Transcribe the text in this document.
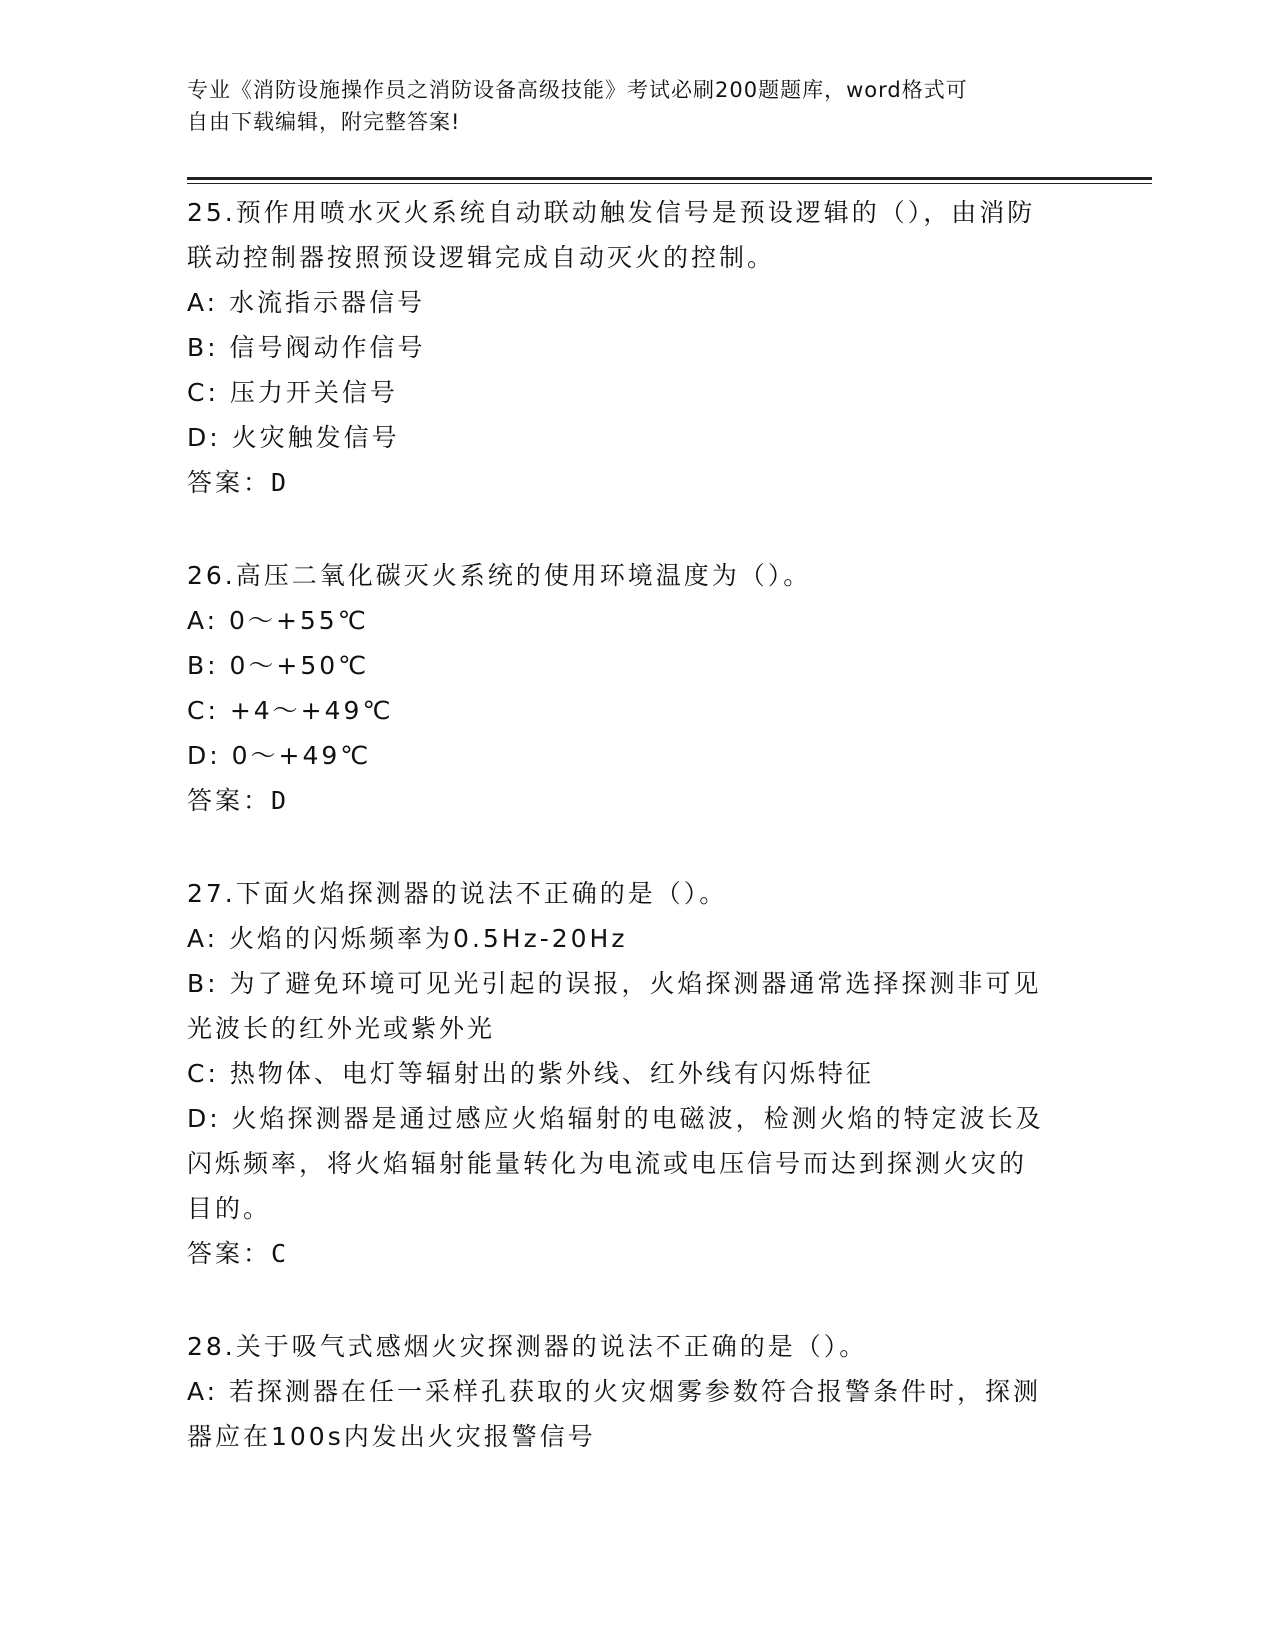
专业《消防设施操作员之消防设备高级技能》考试必刷200题题库，word格式可
自由下载编辑，附完整答案!
25.预作用喷水灭火系统自动联动触发信号是预设逻辑的（），由消防
联动控制器按照预设逻辑完成自动灭火的控制。
A: 水流指示器信号
B: 信号阀动作信号
C: 压力开关信号
D: 火灾触发信号
答案：D
26.高压二氧化碳灭火系统的使用环境温度为（）。
A: 0～+55℃
B: 0～+50℃
C: +4～+49℃
D: 0～+49℃
答案：D
27.下面火焰探测器的说法不正确的是（）。
A: 火焰的闪烁频率为0.5Hz-20Hz
B: 为了避免环境可见光引起的误报，火焰探测器通常选择探测非可见
光波长的红外光或紫外光
C: 热物体、电灯等辐射出的紫外线、红外线有闪烁特征
D: 火焰探测器是通过感应火焰辐射的电磁波，检测火焰的特定波长及
闪烁频率，将火焰辐射能量转化为电流或电压信号而达到探测火灾的
目的。
答案：C
28.关于吸气式感烟火灾探测器的说法不正确的是（）。
A: 若探测器在任一采样孔获取的火灾烟雾参数符合报警条件时，探测
器应在100s内发出火灾报警信号
